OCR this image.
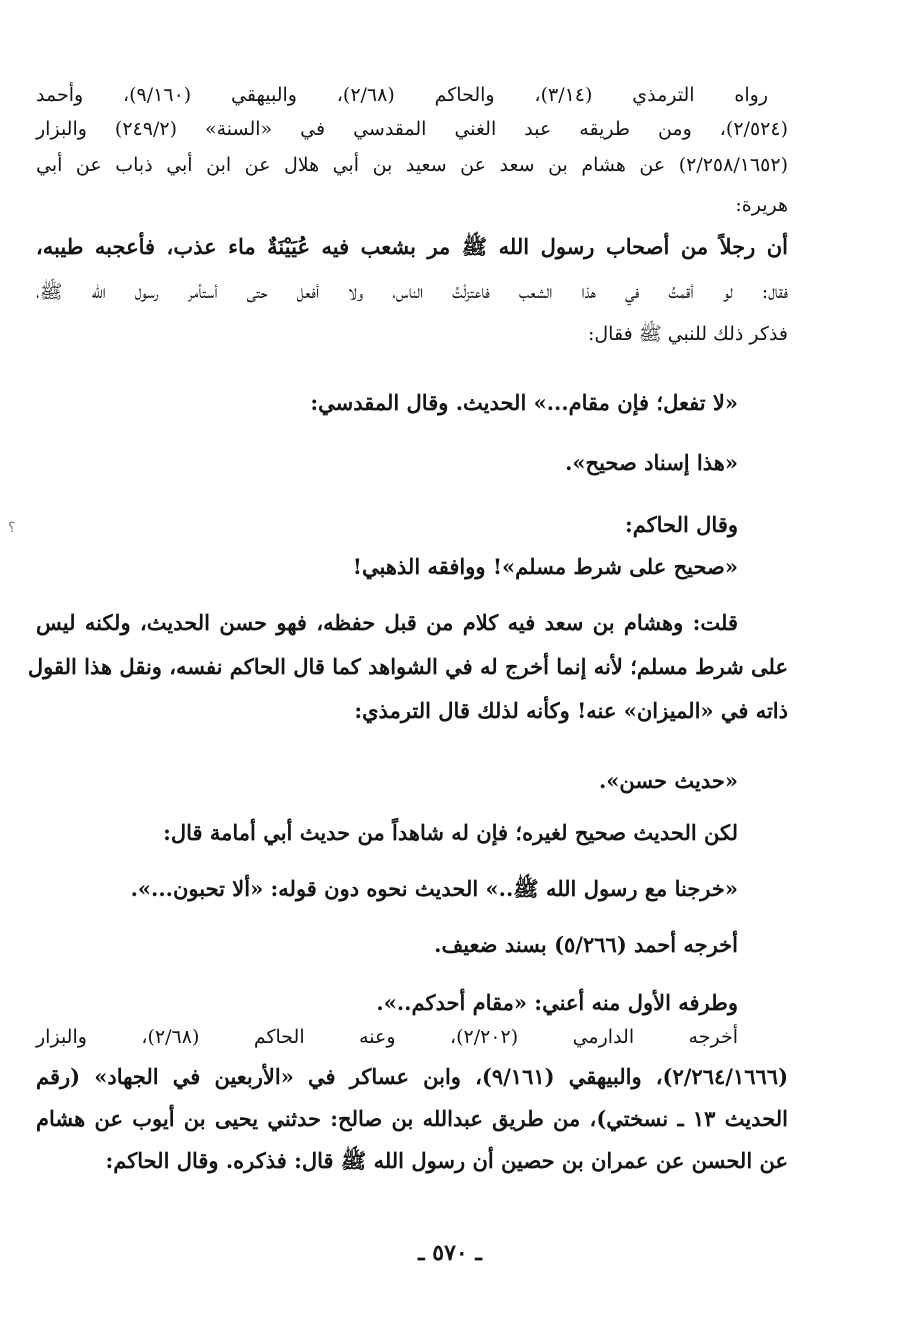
؟
رواه الترمذي (٣/١٤)، والحاكم (٢/٦٨)، والبيهقي (٩/١٦٠)، وأحمد
(٢/٥٢٤)، ومن طريقه عبد الغني المقدسي في «السنة» (٢٤٩/٢) والبزار
(٢/٢٥٨/١٦٥٢) عن هشام بن سعد عن سعيد بن أبي هلال عن ابن أبي ذباب عن أبي
هريرة:
أن رجلاً من أصحاب رسول الله ﷺ مر بشعب فيه عُيَيْنَةٌ ماء عذب، فأعجبه طيبه،
فقال: لو أقمتُ في هذا الشعب فاعتزلْتُ الناس، ولا أفعل حتى أستأمر رسول الله ﷺ،
فذكر ذلك للنبي ﷺ فقال:
«لا تفعل؛ فإن مقام...» الحديث. وقال المقدسي:
«هذا إسناد صحيح».
وقال الحاكم:
«صحيح على شرط مسلم»! ووافقه الذهبي!
قلت: وهشام بن سعد فيه كلام من قبل حفظه، فهو حسن الحديث، ولكنه ليس
على شرط مسلم؛ لأنه إنما أخرج له في الشواهد كما قال الحاكم نفسه، ونقل هذا القول
ذاته في «الميزان» عنه! وكأنه لذلك قال الترمذي:
«حديث حسن».
لكن الحديث صحيح لغيره؛ فإن له شاهداً من حديث أبي أمامة قال:
«خرجنا مع رسول الله ﷺ..» الحديث نحوه دون قوله: «ألا تحبون...».
أخرجه أحمد (٥/٢٦٦) بسند ضعيف.
وطرفه الأول منه أعني: «مقام أحدكم..».
أخرجه الدارمي (٢/٢٠٢)، وعنه الحاكم (٢/٦٨)، والبزار
(٢/٢٦٤/١٦٦٦)، والبيهقي (٩/١٦١)، وابن عساكر في «الأربعين في الجهاد» (رقم
الحديث ١٣ ـ نسختي)، من طريق عبدالله بن صالح: حدثني يحيى بن أيوب عن هشام
عن الحسن عن عمران بن حصين أن رسول الله ﷺ قال: فذكره. وقال الحاكم:
ـ ٥٧٠ ـ
